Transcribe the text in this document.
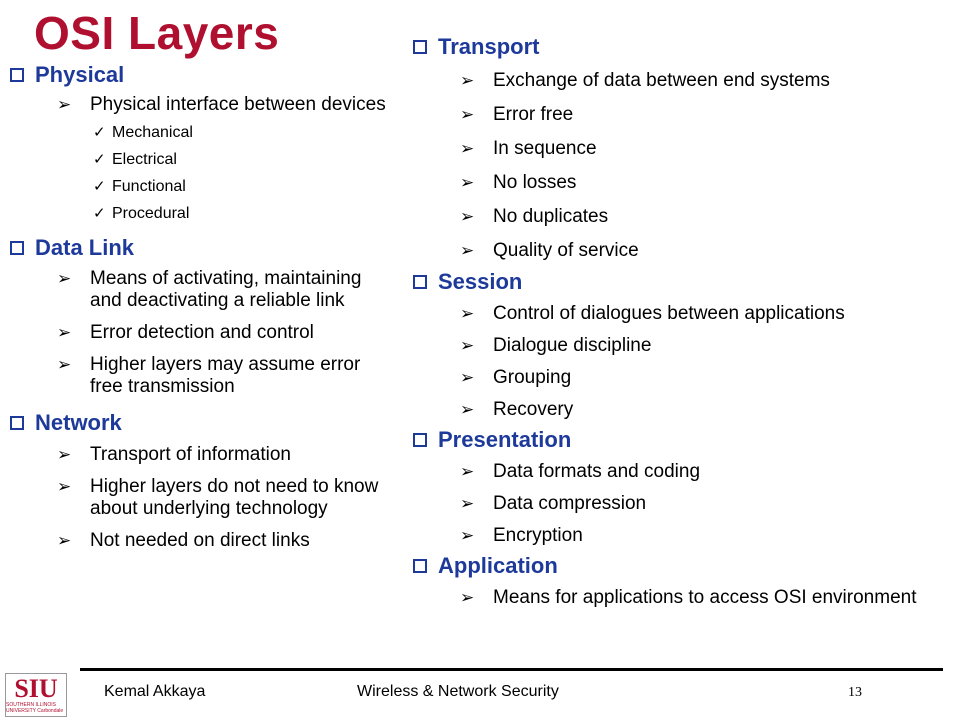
OSI Layers
Physical
➢ Physical interface between devices
✓ Mechanical
✓ Electrical
✓ Functional
✓ Procedural
Data Link
➢ Means of activating, maintaining and deactivating a reliable link
➢ Error detection and control
➢ Higher layers may assume error free transmission
Network
➢ Transport of information
➢ Higher layers do not need to know about underlying technology
➢ Not needed on direct links
Transport
➢ Exchange of data between end systems
➢ Error free
➢ In sequence
➢ No losses
➢ No duplicates
➢ Quality of service
Session
➢ Control of dialogues between applications
➢ Dialogue discipline
➢ Grouping
➢ Recovery
Presentation
➢ Data formats and coding
➢ Data compression
➢ Encryption
Application
➢ Means for applications to access OSI environment
SIU
SOUTHERN ILLINOIS UNIVERSITY Carbondale
Kemal Akkaya	Wireless & Network Security	13
